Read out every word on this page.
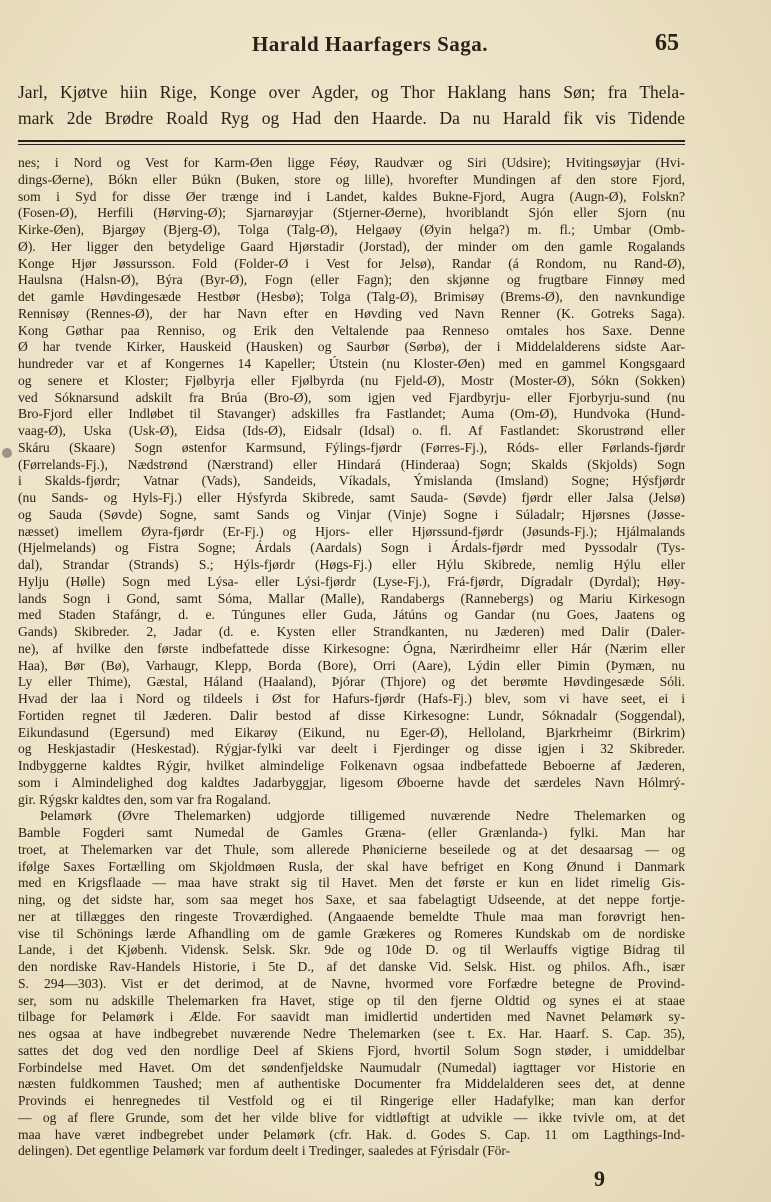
Harald Haarfagers Saga.	65
Jarl, Kjøtve hiin Rige, Konge over Agder, og Thor Haklang hans Søn; fra Thela-
mark 2de Brødre Roald Ryg og Had den Haarde. Da nu Harald fik vis Tidende
nes; i Nord og Vest for Karm-Øen ligge Féøy, Raudvær og Siri (Udsire); Hvitingsøyjar (Hvi-
dings-Øerne), Bókn eller Búkn (Buken, store og lille), hvorefter Mundingen af den store Fjord,
som i Syd for disse Øer trænge ind i Landet, kaldes Bukne-Fjord, Augra (Augn-Ø), Folskn?
(Fosen-Ø), Herfili (Hørving-Ø); Sjarnarøyjar (Stjerner-Øerne), hvoriblandt Sjón eller Sjorn (nu
Kirke-Øen), Bjargøy (Bjerg-Ø), Tolga (Talg-Ø), Helgaøy (Øyin helga?) m. fl.; Umbar (Omb-
Ø). Her ligger den betydelige Gaard Hjørstadir (Jorstad), der minder om den gamle Rogalands
Konge Hjør Jøssursson. Fold (Folder-Ø i Vest for Jelsø), Randar (á Rondom, nu Rand-Ø),
Haulsna (Halsn-Ø), Býra (Byr-Ø), Fogn (eller Fagn); den skjønne og frugtbare Finnøy med
det gamle Høvdingesæde Hestbør (Hesbø); Tolga (Talg-Ø), Brimisøy (Brems-Ø), den navnkundige
Rennisøy (Rennes-Ø), der har Navn efter en Høvding ved Navn Renner (K. Gotreks Saga).
Kong Gøthar paa Renniso, og Erik den Veltalende paa Renneso omtales hos Saxe. Denne
Ø har tvende Kirker, Hauskeid (Hausken) og Saurbør (Sørbø), der i Middelalderens sidste Aar-
hundreder var et af Kongernes 14 Kapeller; Útstein (nu Kloster-Øen) med en gammel Kongsgaard
og senere et Kloster; Fjølbyrja eller Fjølbyrda (nu Fjeld-Ø), Mostr (Moster-Ø), Sókn (Sokken)
ved Sóknarsund adskilt fra Brúa (Bro-Ø), som igjen ved Fjardbyrju- eller Fjorbyrju-sund (nu
Bro-Fjord eller Indløbet til Stavanger) adskilles fra Fastlandet; Auma (Om-Ø), Hundvoka (Hund-
vaag-Ø), Uska (Usk-Ø), Eidsa (Ids-Ø), Eidsalr (Idsal) o. fl. Af Fastlandet: Skorustrønd eller
Skáru (Skaare) Sogn østenfor Karmsund, Fýlings-fjørdr (Førres-Fj.), Róds- eller Førlands-fjørdr
(Førrelands-Fj.), Nædstrønd (Nærstrand) eller Hindará (Hinderaa) Sogn; Skalds (Skjolds) Sogn
i Skalds-fjørdr; Vatnar (Vads), Sandeids, Víkadals, Ýmislanda (Imsland) Sogne; Hýsfjørdr
(nu Sands- og Hyls-Fj.) eller Hýsfyrda Skibrede, samt Sauda- (Søvde) fjørdr eller Jalsa (Jelsø)
og Sauda (Søvde) Sogne, samt Sands og Vinjar (Vinje) Sogne i Súladalr; Hjørsnes (Jøsse-
næsset) imellem Øyra-fjørdr (Er-Fj.) og Hjors- eller Hjørssund-fjørdr (Jøsunds-Fj.); Hjálmalands
(Hjelmelands) og Fistra Sogne; Árdals (Aardals) Sogn i Árdals-fjørdr med Þyssodalr (Tys-
dal), Strandar (Strands) S.; Hýls-fjørdr (Høgs-Fj.) eller Hýlu Skibrede, nemlig Hýlu eller
Hylju (Hølle) Sogn med Lýsa- eller Lýsi-fjørdr (Lyse-Fj.), Frá-fjørdr, Dígradalr (Dyrdal); Høy-
lands Sogn i Gond, samt Sóma, Mallar (Malle), Randabergs (Rannebergs) og Mariu Kirkesogn
med Staden Stafángr, d. e. Túngunes eller Guda, Játúns og Gandar (nu Goes, Jaatens og
Gands) Skibreder. 2, Jadar (d. e. Kysten eller Strandkanten, nu Jæderen) med Dalir (Daler-
ne), af hvilke den første indbefattede disse Kirkesogne: Ógna, Nærirdheimr eller Hár (Nærim eller
Haa), Bør (Bø), Varhaugr, Klepp, Borda (Bore), Orri (Aare), Lýdin eller Þimin (Þymæn, nu
Ly eller Thime), Gæstal, Háland (Haaland), Þjórar (Thjore) og det berømte Høvdingesæde Sóli.
Hvad der laa i Nord og tildeels i Øst for Hafurs-fjørdr (Hafs-Fj.) blev, som vi have seet, ei i
Fortiden regnet til Jæderen. Dalir bestod af disse Kirkesogne: Lundr, Sóknadalr (Soggendal),
Eikundasund (Egersund) med Eikarøy (Eikund, nu Eger-Ø), Helloland, Bjarkrheimr (Birkrim)
og Heskjastadir (Heskestad). Rýgjar-fylki var deelt i Fjerdinger og disse igjen i 32 Skibreder.
Indbyggerne kaldtes Rýgir, hvilket almindelige Folkenavn ogsaa indbefattede Beboerne af Jæderen,
som i Almindelighed dog kaldtes Jadarbyggjar, ligesom Øboerne havde det særdeles Navn Hólmrý-
gir. Rýgskr kaldtes den, som var fra Rogaland.
Þelamørk (Øvre Thelemarken) udgjorde tilligemed nuværende Nedre Thelemarken og
Bamble Fogderi samt Numedal de Gamles Græna- (eller Grænlanda-) fylki. Man har
troet, at Thelemarken var det Thule, som allerede Phønicierne beseilede og at det desaarsag — og
ifølge Saxes Fortælling om Skjoldmøen Rusla, der skal have befriget en Kong Ønund i Danmark
med en Krigsflaade — maa have strakt sig til Havet. Men det første er kun en lidet rimelig Gis-
ning, og det sidste har, som saa meget hos Saxe, et saa fabelagtigt Udseende, at det neppe fortje-
ner at tillægges den ringeste Troværdighed. (Angaaende bemeldte Thule maa man forøvrigt hen-
vise til Schönings lærde Afhandling om de gamle Grækeres og Romeres Kundskab om de nordiske
Lande, i det Kjøbenh. Vidensk. Selsk. Skr. 9de og 10de D. og til Werlauffs vigtige Bidrag til
den nordiske Rav-Handels Historie, i 5te D., af det danske Vid. Selsk. Hist. og philos. Afh., især
S. 294—303). Vist er det derimod, at de Navne, hvormed vore Forfædre betegne de Provind-
ser, som nu adskille Thelemarken fra Havet, stige op til den fjerne Oldtid og synes ei at staae
tilbage for Þelamørk i Ælde. For saavidt man imidlertid undertiden med Navnet Þelamørk sy-
nes ogsaa at have indbegrebet nuværende Nedre Thelemarken (see t. Ex. Har. Haarf. S. Cap. 35),
sattes det dog ved den nordlige Deel af Skiens Fjord, hvortil Solum Sogn støder, i umiddelbar
Forbindelse med Havet. Om det søndenfjeldske Naumudalr (Numedal) iagttager vor Historie en
næsten fuldkommen Taushed; men af authentiske Documenter fra Middelalderen sees det, at denne
Provinds ei henregnedes til Vestfold og ei til Ringerige eller Hadafylke; man kan derfor
— og af flere Grunde, som det her vilde blive for vidtløftigt at udvikle — ikke tvivle om, at det
maa have været indbegrebet under Þelamørk (cfr. Hak. d. Godes S. Cap. 11 om Lagthings-Ind-
delingen). Det egentlige Þelamørk var fordum deelt i Tredinger, saaledes at Fýrisdalr (För-
9
